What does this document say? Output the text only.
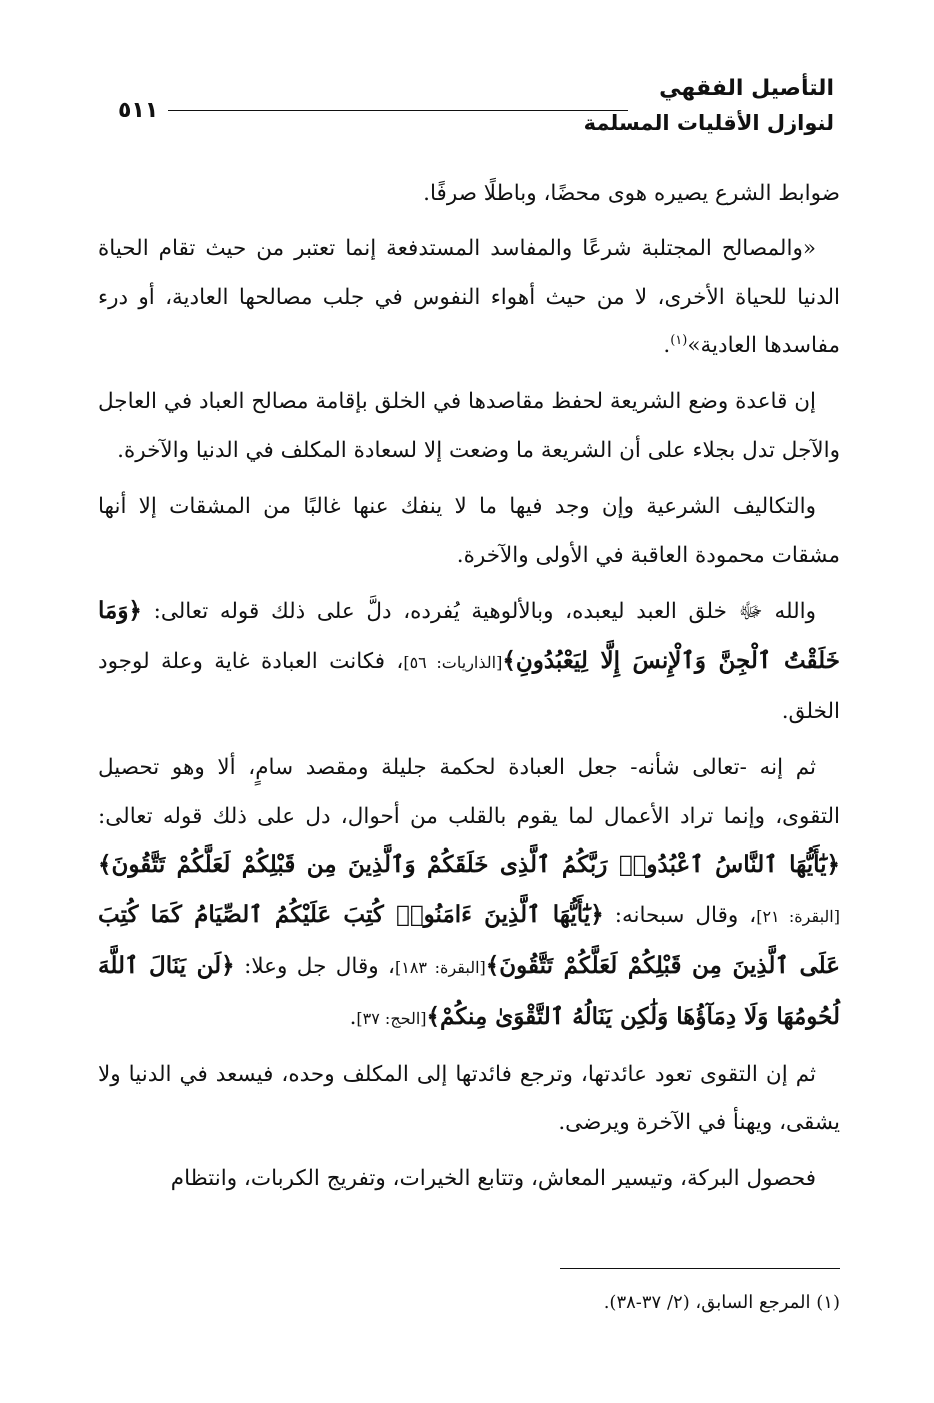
٥١١
التأصيل الفقهي
لنوازل الأقليات المسلمة

ضوابط الشرع يصيره هوى محضًا، وباطلًا صرفًا.

«والمصالح المجتلبة شرعًا والمفاسد المستدفعة إنما تعتبر من حيث تقام الحياة الدنيا للحياة الأخرى، لا من حيث أهواء النفوس في جلب مصالحها العادية، أو درء مفاسدها العادية»$^{(١)}$.

إن قاعدة وضع الشريعة لحفظ مقاصدها في الخلق بإقامة مصالح العباد في العاجل والآجل تدل بجلاء على أن الشريعة ما وضعت إلا لسعادة المكلف في الدنيا والآخرة.

والتكاليف الشرعية وإن وجد فيها ما لا ينفك عنها غالبًا من المشقات إلا أنها مشقات محمودة العاقبة في الأولى والآخرة.

والله ﷻ خلق العبد ليعبده، وبالألوهية يُفرده، دلَّ على ذلك قوله تعالى: ﴿وَمَا خَلَقْتُ ٱلْجِنَّ وَٱلْإِنسَ إِلَّا لِيَعْبُدُونِ﴾[الذاريات: ٥٦]، فكانت العبادة غاية وعلة لوجود الخلق.

ثم إنه -تعالى شأنه- جعل العبادة لحكمة جليلة ومقصد سامٍ، ألا وهو تحصيل التقوى، وإنما تراد الأعمال لما يقوم بالقلب من أحوال، دل على ذلك قوله تعالى: ﴿يَٰٓأَيُّهَا ٱلنَّاسُ ٱعْبُدُوا۟ رَبَّكُمُ ٱلَّذِى خَلَقَكُمْ وَٱلَّذِينَ مِن قَبْلِكُمْ لَعَلَّكُمْ تَتَّقُونَ﴾[البقرة: ٢١]، وقال سبحانه: ﴿يَٰٓأَيُّهَا ٱلَّذِينَ ءَامَنُوا۟ كُتِبَ عَلَيْكُمُ ٱلصِّيَامُ كَمَا كُتِبَ عَلَى ٱلَّذِينَ مِن قَبْلِكُمْ لَعَلَّكُمْ تَتَّقُونَ﴾[البقرة: ١٨٣]، وقال جل وعلا: ﴿لَن يَنَالَ ٱللَّهَ لُحُومُهَا وَلَا دِمَآؤُهَا وَلَٰكِن يَنَالُهُ ٱلتَّقْوَىٰ مِنكُمْ﴾[الحج: ٣٧].

ثم إن التقوى تعود عائدتها، وترجع فائدتها إلى المكلف وحده، فيسعد في الدنيا ولا يشقى، ويهنأ في الآخرة ويرضى.

فحصول البركة، وتيسير المعاش، وتتابع الخيرات، وتفريج الكربات، وانتظام

(١) المرجع السابق، (٢/ ٣٧-٣٨).
